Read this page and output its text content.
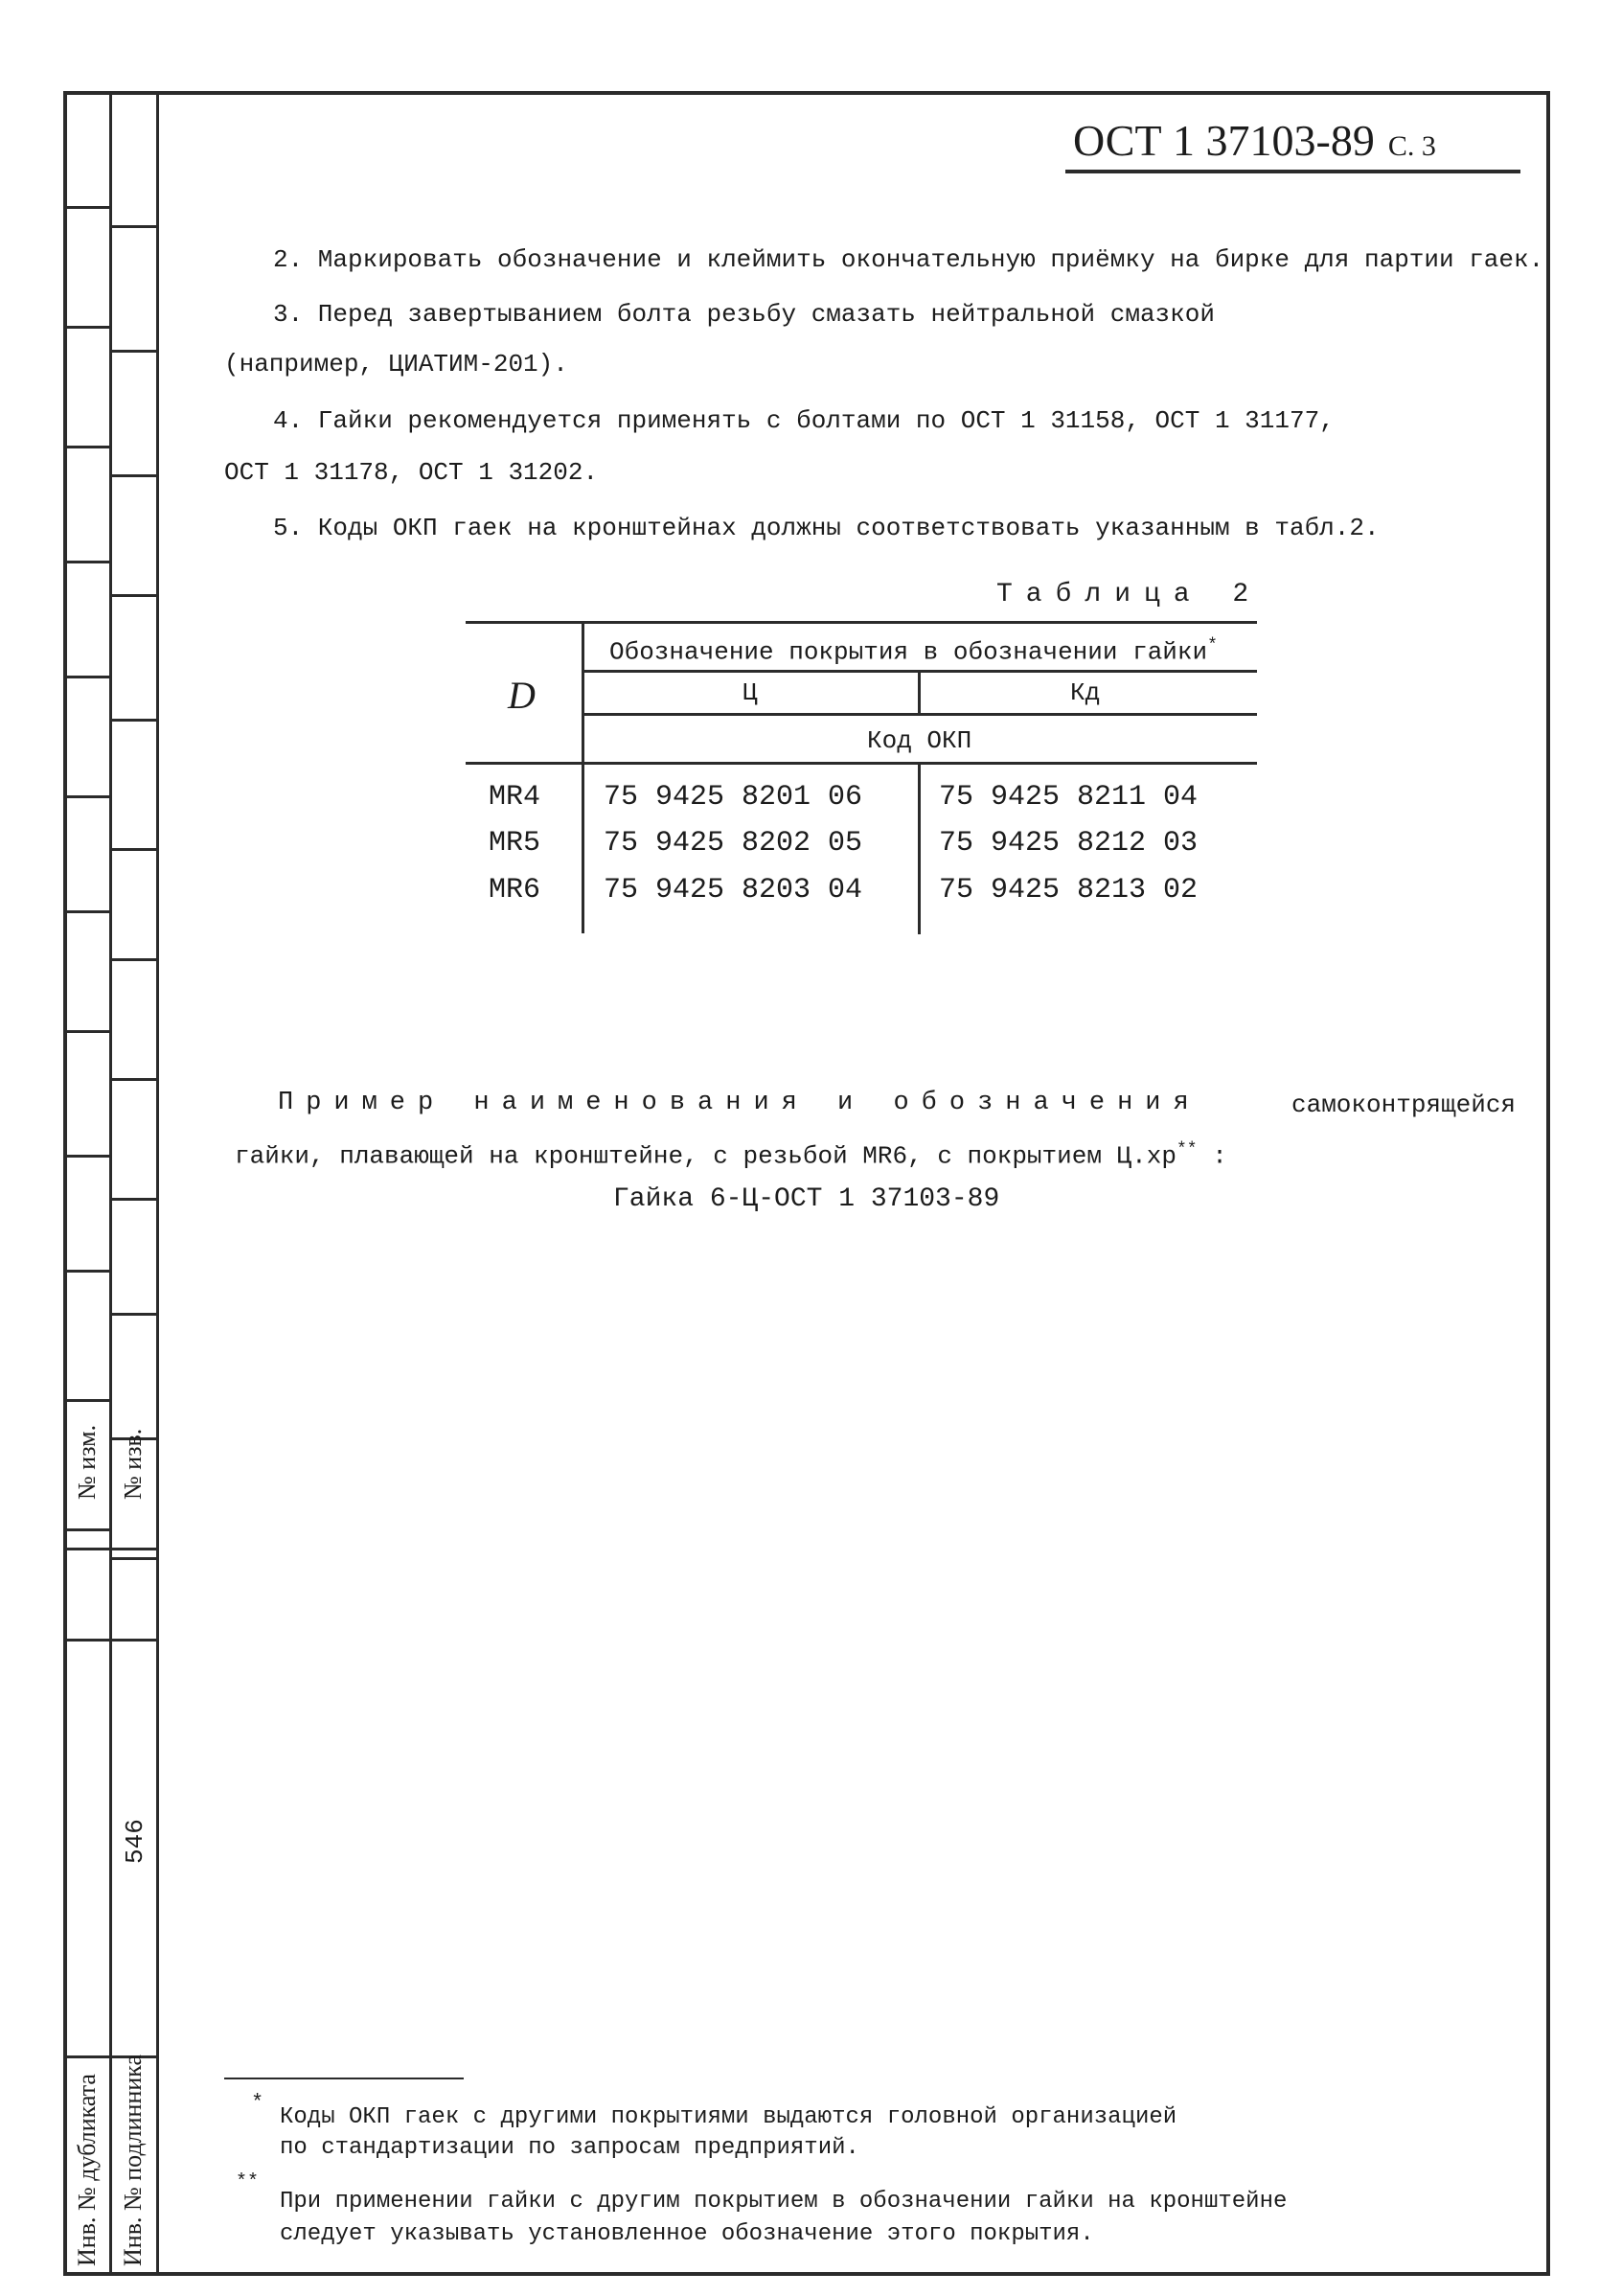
№ изм. № изв.
546
Инв. № дубликата Инв. № подлинника
ОСТ 1 37103-89 С. 3
2. Маркировать обозначение и клеймить окончательную приёмку на бирке для партии гаек.
3. Перед завертыванием болта резьбу смазать нейтральной смазкой
(например, ЦИАТИМ-201).
4. Гайки рекомендуется применять с болтами по ОСТ 1 31158, ОСТ 1 31177,
ОСТ 1 31178, ОСТ 1 31202.
5. Коды ОКП гаек на кронштейнах должны соответствовать указанным в табл.2.
Таблица 2
D
Обозначение покрытия в обозначении гайки*
Ц	Кд
Код ОКП
MR4 75 9425 8201 06	75 9425 8211 04
MR5 75 9425 8202 05	75 9425 8212 03
MR6 75 9425 8203 04	75 9425 8213 02
Пример наименования и обозначения	самоконтрящейся
гайки, плавающей на кронштейне, с резьбой MR6, с покрытием Ц.хр** :
Гайка 6-Ц-ОСТ 1 37103-89
*
Коды ОКП гаек с другими покрытиями выдаются головной организацией
по стандартизации по запросам предприятий.
**
При применении гайки с другим покрытием в обозначении гайки на кронштейне
следует указывать установленное обозначение этого покрытия.
